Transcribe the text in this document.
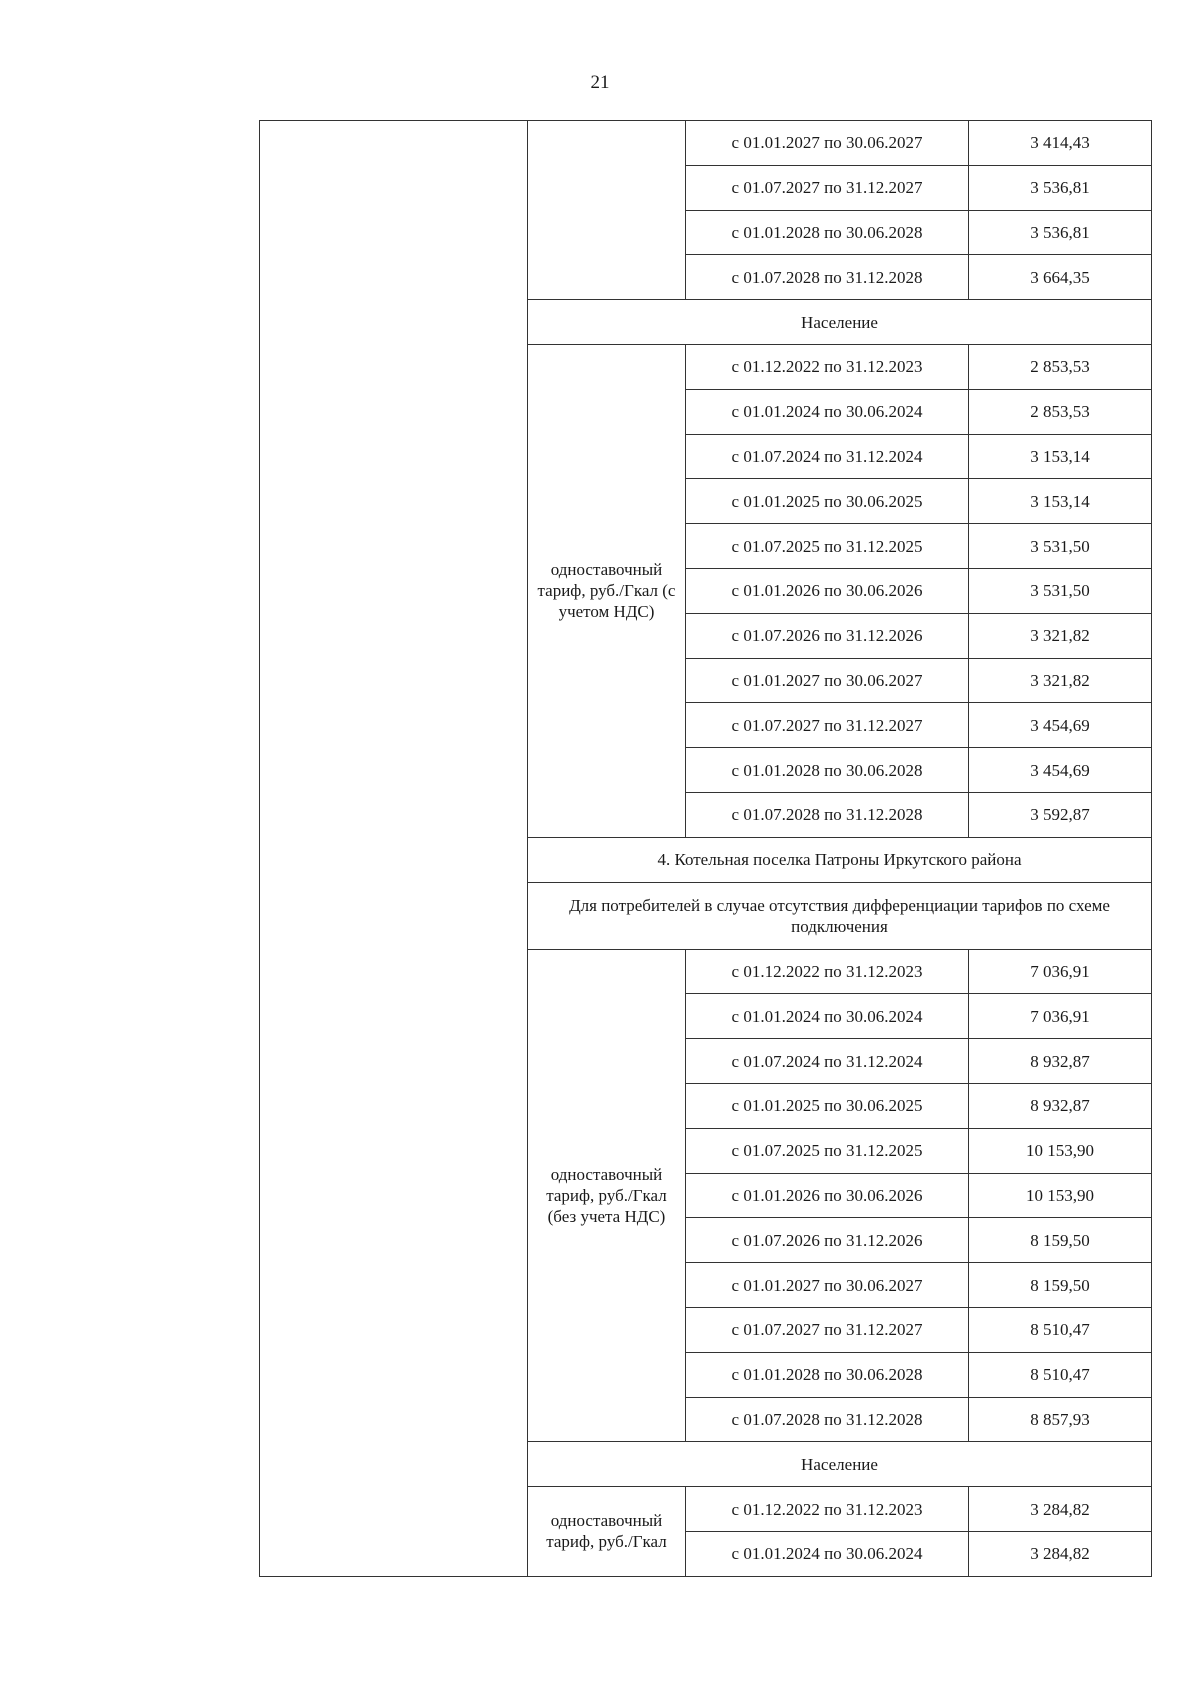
21
		с 01.01.2027 по 30.06.2027	3 414,43
		с 01.07.2027 по 31.12.2027	3 536,81
		с 01.01.2028 по 30.06.2028	3 536,81
		с 01.07.2028 по 31.12.2028	3 664,35
	Население		
	одноставочный тариф, руб./Гкал (с учетом НДС)	с 01.12.2022 по 31.12.2023	2 853,53
		с 01.01.2024 по 30.06.2024	2 853,53
		с 01.07.2024 по 31.12.2024	3 153,14
		с 01.01.2025 по 30.06.2025	3 153,14
		с 01.07.2025 по 31.12.2025	3 531,50
		с 01.01.2026 по 30.06.2026	3 531,50
		с 01.07.2026 по 31.12.2026	3 321,82
		с 01.01.2027 по 30.06.2027	3 321,82
		с 01.07.2027 по 31.12.2027	3 454,69
		с 01.01.2028 по 30.06.2028	3 454,69
		с 01.07.2028 по 31.12.2028	3 592,87
	4. Котельная поселка Патроны Иркутского района		
	Для потребителей в случае отсутствия дифференциации тарифов по схеме подключения		
	одноставочный тариф, руб./Гкал (без учета НДС)	с 01.12.2022 по 31.12.2023	7 036,91
		с 01.01.2024 по 30.06.2024	7 036,91
		с 01.07.2024 по 31.12.2024	8 932,87
		с 01.01.2025 по 30.06.2025	8 932,87
		с 01.07.2025 по 31.12.2025	10 153,90
		с 01.01.2026 по 30.06.2026	10 153,90
		с 01.07.2026 по 31.12.2026	8 159,50
		с 01.01.2027 по 30.06.2027	8 159,50
		с 01.07.2027 по 31.12.2027	8 510,47
		с 01.01.2028 по 30.06.2028	8 510,47
		с 01.07.2028 по 31.12.2028	8 857,93
	Население		
	одноставочный тариф, руб./Гкал	с 01.12.2022 по 31.12.2023	3 284,82
		с 01.01.2024 по 30.06.2024	3 284,82
